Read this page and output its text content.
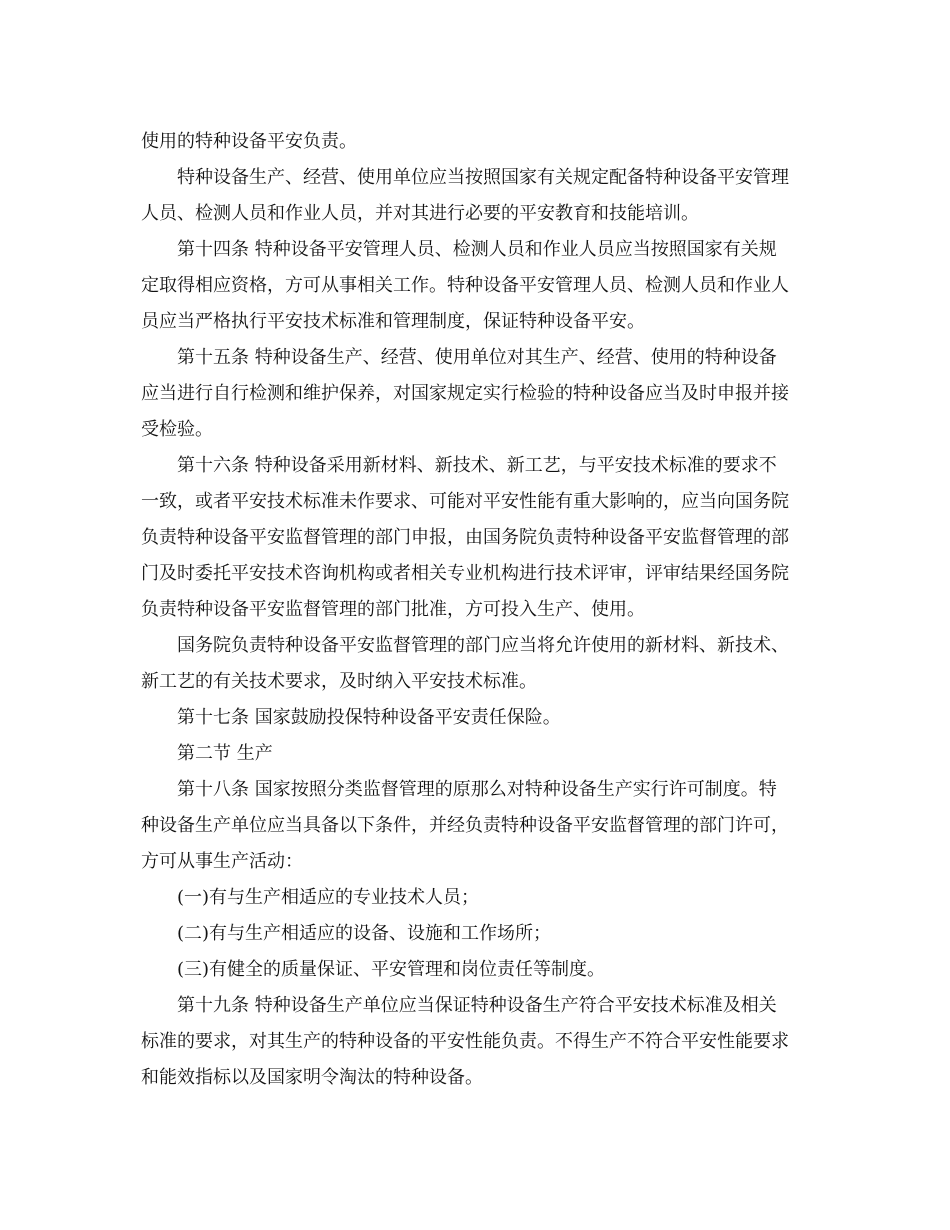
使用的特种设备平安负责。
特种设备生产、经营、使用单位应当按照国家有关规定配备特种设备平安管理
人员、检测人员和作业人员，并对其进行必要的平安教育和技能培训。
第十四条 特种设备平安管理人员、检测人员和作业人员应当按照国家有关规
定取得相应资格，方可从事相关工作。特种设备平安管理人员、检测人员和作业人
员应当严格执行平安技术标准和管理制度，保证特种设备平安。
第十五条 特种设备生产、经营、使用单位对其生产、经营、使用的特种设备
应当进行自行检测和维护保养，对国家规定实行检验的特种设备应当及时申报并接
受检验。
第十六条 特种设备采用新材料、新技术、新工艺，与平安技术标准的要求不
一致，或者平安技术标准未作要求、可能对平安性能有重大影响的，应当向国务院
负责特种设备平安监督管理的部门申报，由国务院负责特种设备平安监督管理的部
门及时委托平安技术咨询机构或者相关专业机构进行技术评审，评审结果经国务院
负责特种设备平安监督管理的部门批准，方可投入生产、使用。
国务院负责特种设备平安监督管理的部门应当将允许使用的新材料、新技术、
新工艺的有关技术要求，及时纳入平安技术标准。
第十七条 国家鼓励投保特种设备平安责任保险。
第二节 生产
第十八条 国家按照分类监督管理的原那么对特种设备生产实行许可制度。特
种设备生产单位应当具备以下条件，并经负责特种设备平安监督管理的部门许可，
方可从事生产活动：
(一)有与生产相适应的专业技术人员；
(二)有与生产相适应的设备、设施和工作场所；
(三)有健全的质量保证、平安管理和岗位责任等制度。
第十九条 特种设备生产单位应当保证特种设备生产符合平安技术标准及相关
标准的要求，对其生产的特种设备的平安性能负责。不得生产不符合平安性能要求
和能效指标以及国家明令淘汰的特种设备。
